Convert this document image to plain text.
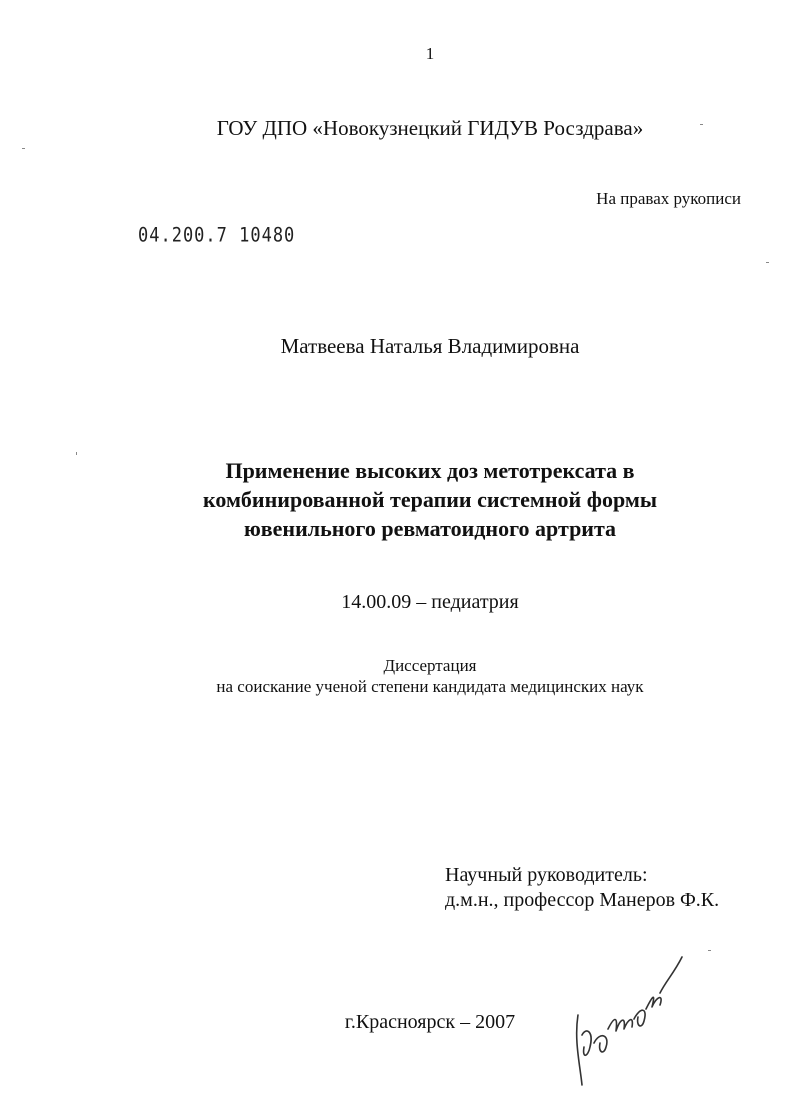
1
ГОУ ДПО «Новокузнецкий ГИДУВ Росздрава»
На правах рукописи
04.200.7 10480
Матвеева Наталья Владимировна
Применение высоких доз метотрексата в
комбинированной терапии системной формы
ювенильного ревматоидного артрита
14.00.09 – педиатрия
Диссертация
на соискание ученой степени кандидата медицинских наук
Научный руководитель:
д.м.н., профессор Манеров Ф.К.
г.Красноярск – 2007
